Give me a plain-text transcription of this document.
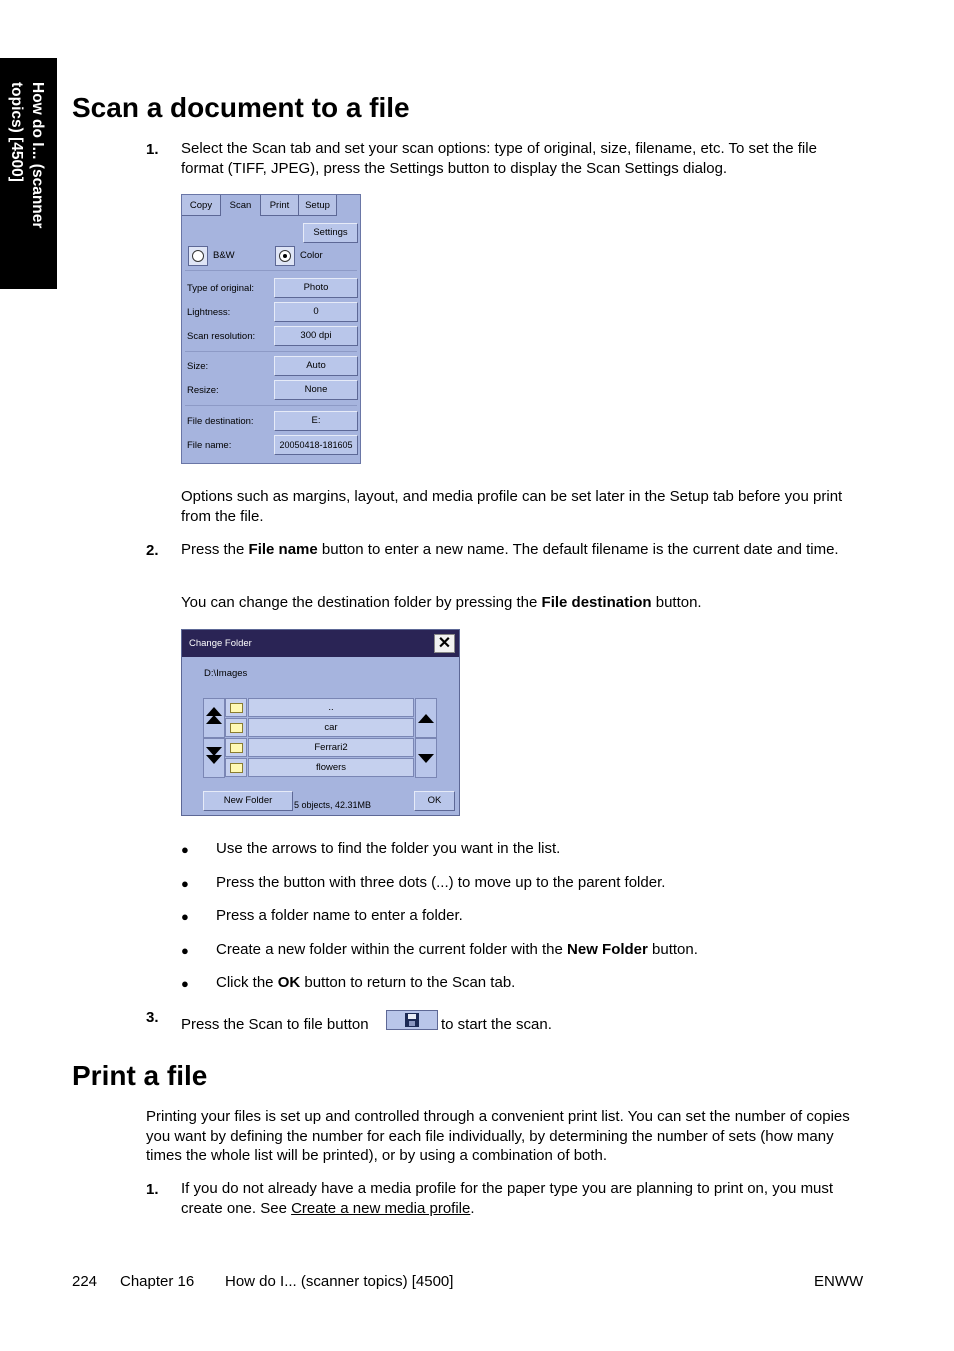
How do I... (scanner
topics) [4500]
Scan a document to a file
1. Select the Scan tab and set your scan options: type of original, size, filename, etc. To set the file format (TIFF, JPEG), press the Settings button to display the Scan Settings dialog.

Copy	Scan	Print	Setup
Settings
B&W	Color
Type of original:	Photo
Lightness:	0
Scan resolution:	300 dpi
Size:	Auto
Resize:	None
File destination:	E:
File name:	20050418-181605

Options such as margins, layout, and media profile can be set later in the Setup tab before you print from the file.

2. Press the File name button to enter a new name. The default filename is the current date and time.

You can change the destination folder by pressing the File destination button.

Change Folder	✕
D:\Images
..
car
Ferrari2
flowers
New Folder	5 objects, 42.31MB	OK
● Use the arrows to find the folder you want in the list.

● Press the button with three dots (...) to move up to the parent folder.

● Press a folder name to enter a folder.

● Create a new folder within the current folder with the New Folder button.

● Click the OK button to return to the Scan tab.

3. Press the Scan to file button	to start the scan.

Print a file

Printing your files is set up and controlled through a convenient print list. You can set the number of copies you want by defining the number for each file individually, by determining the number of sets (how many times the whole list will be printed), or by using a combination of both.

1. If you do not already have a media profile for the paper type you are planning to print on, you must create one. See Create a new media profile.

224 Chapter 16 How do I... (scanner topics) [4500]	ENWW
